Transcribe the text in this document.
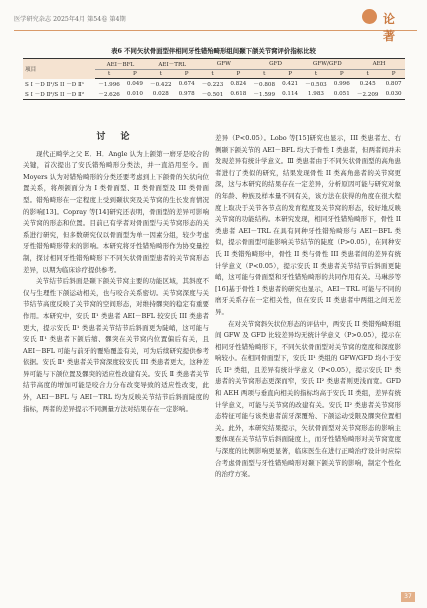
医学研究杂志 2025年4月 第54卷 第4期	论 著
表6 不同矢状骨面型伴相同牙性错殆畸形组间颞下颌关节窝评价指标比较
项目	AEI－BFL		AEI－TRL		GFW		GFD		GFW/GFD		AEH	
	t	P	t	P	t	P	t	P	t	P	t	P
S I －D Ⅱ¹/S II －D Ⅱ¹	－1.996	0.049	－0.422	0.674	－0.223	0.824	－0.808	0.421	－0.503	0.996	0.245	0.807
S I －D Ⅱ²/S II －D Ⅱ²	－2.626	0.010	0.028	0.978	－0.501	0.618	－1.599	0.114	1.983	0.051	－2.209	0.030
讨 论

现代正畸学之父 E．H．Angle 认为上颌第一磨牙是咬合的关键，首次提出了安氏错殆畸形分类法，并一直沿用至今。面 Moyers 认为对错殆畸形的分类还要考虑到上下颌骨的矢状向位置关系，将颅颌面分为 I 类骨面型、II 类骨面型及 III 类骨面型。错殆畸形在一定程度上受到颞状突及关节窝的生长发育情况的影响[13]。Copray 等[14]研究还表明，骨面型的差异可影响关节窝的形态和位置。目前已有学者对骨面型与关节窝形态的关系进行研究，但多数研究仅以骨面型为单一因素分组，较少考虑牙性错殆畸形带来的影响。本研究将牙性错殆畸形作为协变量控制，探讨相同牙性错殆畸形下不同矢状骨面型患者的关节窝形态差异，以期为临床诊疗提供参考。

关节结节后斜面是颞下颌关节窝主要的功能区域，其斜度不仅与生理性下颌运动相关，也与咬合关系密切。关节窝深度与关节结节高度反映了关节窝的空间形态，对维持髁突的稳定有重要作用。本研究中，安氏 Ⅱ¹ 类患者 AEI－BFL 较安氏 III 类患者更大，提示安氏 Ⅱ¹ 类患者关节结节后斜面更为陡峭，这可能与安氏 Ⅱ¹ 类患者下颌后缩、髁突在关节窝内位置偏后有关，且 AEI－BFL 可能与前牙的覆殆覆盖有关，可为后续研究提供参考依据。安氏 Ⅱ¹ 类患者关节窝深度较安氏 III 类患者更大，这种差异可能与下颌位置及髁突的适应性改建有关。安氏 Ⅱ 类患者关节结节高度的增加可能是咬合力分布改变导致的适应性改变，此外，AEI－BFL 与 AEI－TRL 均为反映关节结节后斜面陡度的指标，两者的差异提示不同测量方法对结果存在一定影响。

差异（P<0.05）。Lobo 等[15]研究也显示，III 类患者左、右侧颞下颌关节的 AEI－BFL 均大于骨性 I 类患者，但两者间并未发现差异有统计学意义。Ⅲ 类患者由于不同矢状骨面型的高角患者进行了类似的研究，结果发现骨性 II 类高角患者的关节窝更深，这与本研究的结果存在一定差异，分析原因可能与研究对象的年龄、种族及样本量不同有关，该方法在获得的角度在很大程度上取决于关节各节点的发育程度及关节窝的形态，较好地反映关节窝的功能结构。本研究发现，相同牙性错殆畸形下，骨性 II 类患者 AEI－TRL 在具有同种牙性错殆畸形与 AEI－BFL 类似，提示骨面型可能影响关节结节的陡度（P>0.05），在同种安氏 II 类错殆畸形中，骨性 II 类与骨性 III 类患者间的差异有统计学意义（P<0.05），提示安氏 II 类患者关节结节后斜面更陡峭，这可能与骨面型和牙性错殆畸形的共同作用有关。马琳莎等[16]基于骨性 I 类患者的研究也显示，AEI－TRL 可能与不同的磨牙关系存在一定相关性，但在安氏 II 类患者中两组之间无差异。

在对关节窝斜矢状位形态的评估中，两安氏 II 类错殆畸形组间 GFW 及 GFD 比较差异均无统计学意义（P>0.05），提示在相同牙性错殆畸形下，不同矢状骨面型对关节窝的宽度和深度影响较小。在相同骨面型下，安氏 II¹ 类组的 GFW/GFD 均小于安氏 II² 类组，且差异有统计学意义（P<0.05），提示安氏 II¹ 类患者的关节窝形态更深而窄，安氏 II² 类患者则更浅而宽。GFD 和 AEH 两项与垂直向相关的指标均高于安氏 II 类组，差异有统计学意义，可能与关节窝的改建有关。安氏 II² 类患者关节窝形态特征可能与该类患者前牙深覆殆、下颌运动受限及髁突位置相关。此外，本研究结果提示，矢状骨面型对关节窝形态的影响主要体现在关节结节后斜面陡度上，而牙性错殆畸形对关节窝宽度与深度的比例影响更显著，临床医生在进行正畸治疗设计时应综合考虑骨面型与牙性错殆畸形对颞下颌关节的影响，制定个性化的治疗方案。

37
